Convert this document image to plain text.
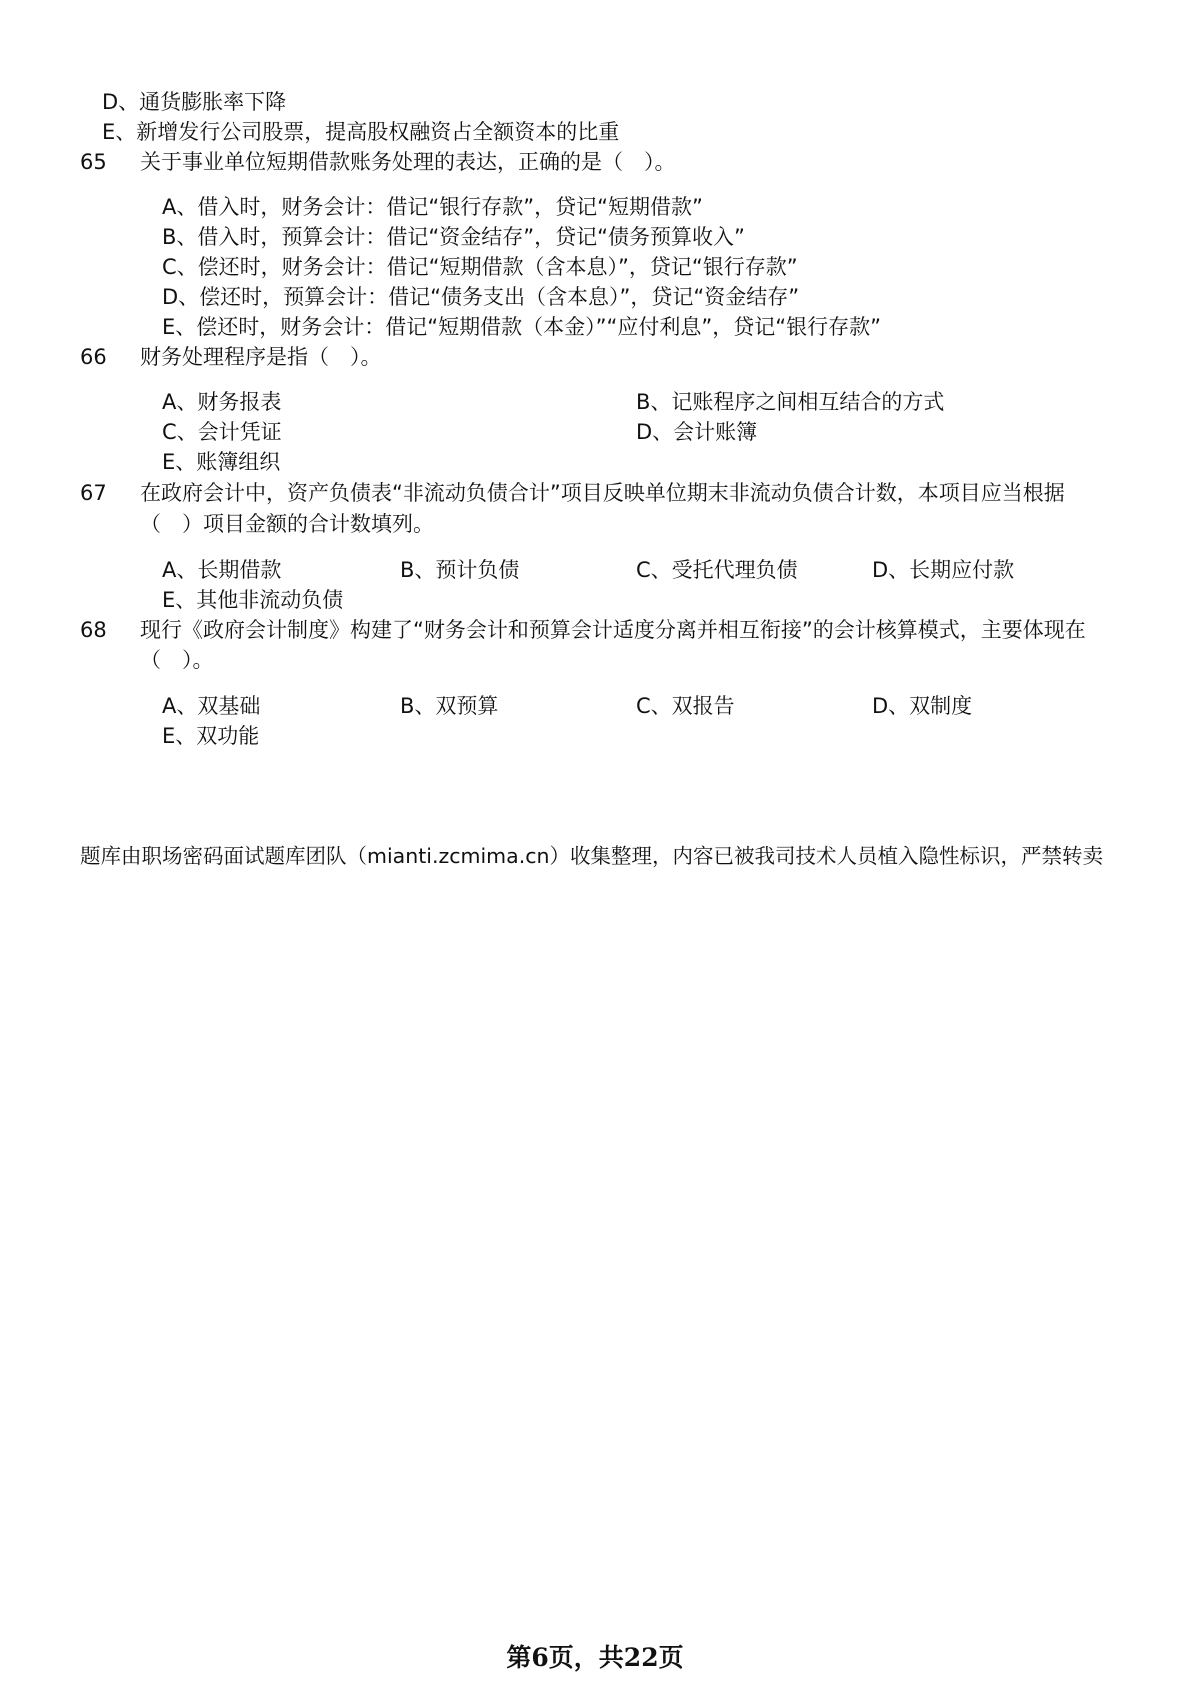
D、通货膨胀率下降
E、新增发行公司股票，提高股权融资占全额资本的比重
65 关于事业单位短期借款账务处理的表达，正确的是（　）。
A、借入时，财务会计：借记“银行存款”，贷记“短期借款”
B、借入时，预算会计：借记“资金结存”，贷记“债务预算收入”
C、偿还时，财务会计：借记“短期借款（含本息）”，贷记“银行存款”
D、偿还时，预算会计：借记“债务支出（含本息）”，贷记“资金结存”
E、偿还时，财务会计：借记“短期借款（本金）”“应付利息”，贷记“银行存款”
66 财务处理程序是指（　）。
A、财务报表	B、记账程序之间相互结合的方式
C、会计凭证	D、会计账簿
E、账簿组织
67 在政府会计中，资产负债表“非流动负债合计”项目反映单位期末非流动负债合计数，本项目应当根据
（　）项目金额的合计数填列。
A、长期借款	B、预计负债	C、受托代理负债	D、长期应付款
E、其他非流动负债
68 现行《政府会计制度》构建了“财务会计和预算会计适度分离并相互衔接”的会计核算模式，主要体现在
（　）。
A、双基础	B、双预算	C、双报告	D、双制度
E、双功能
题库由职场密码面试题库团队（mianti.zcmima.cn）收集整理，内容已被我司技术人员植入隐性标识，严禁转卖
第6页，共22页
